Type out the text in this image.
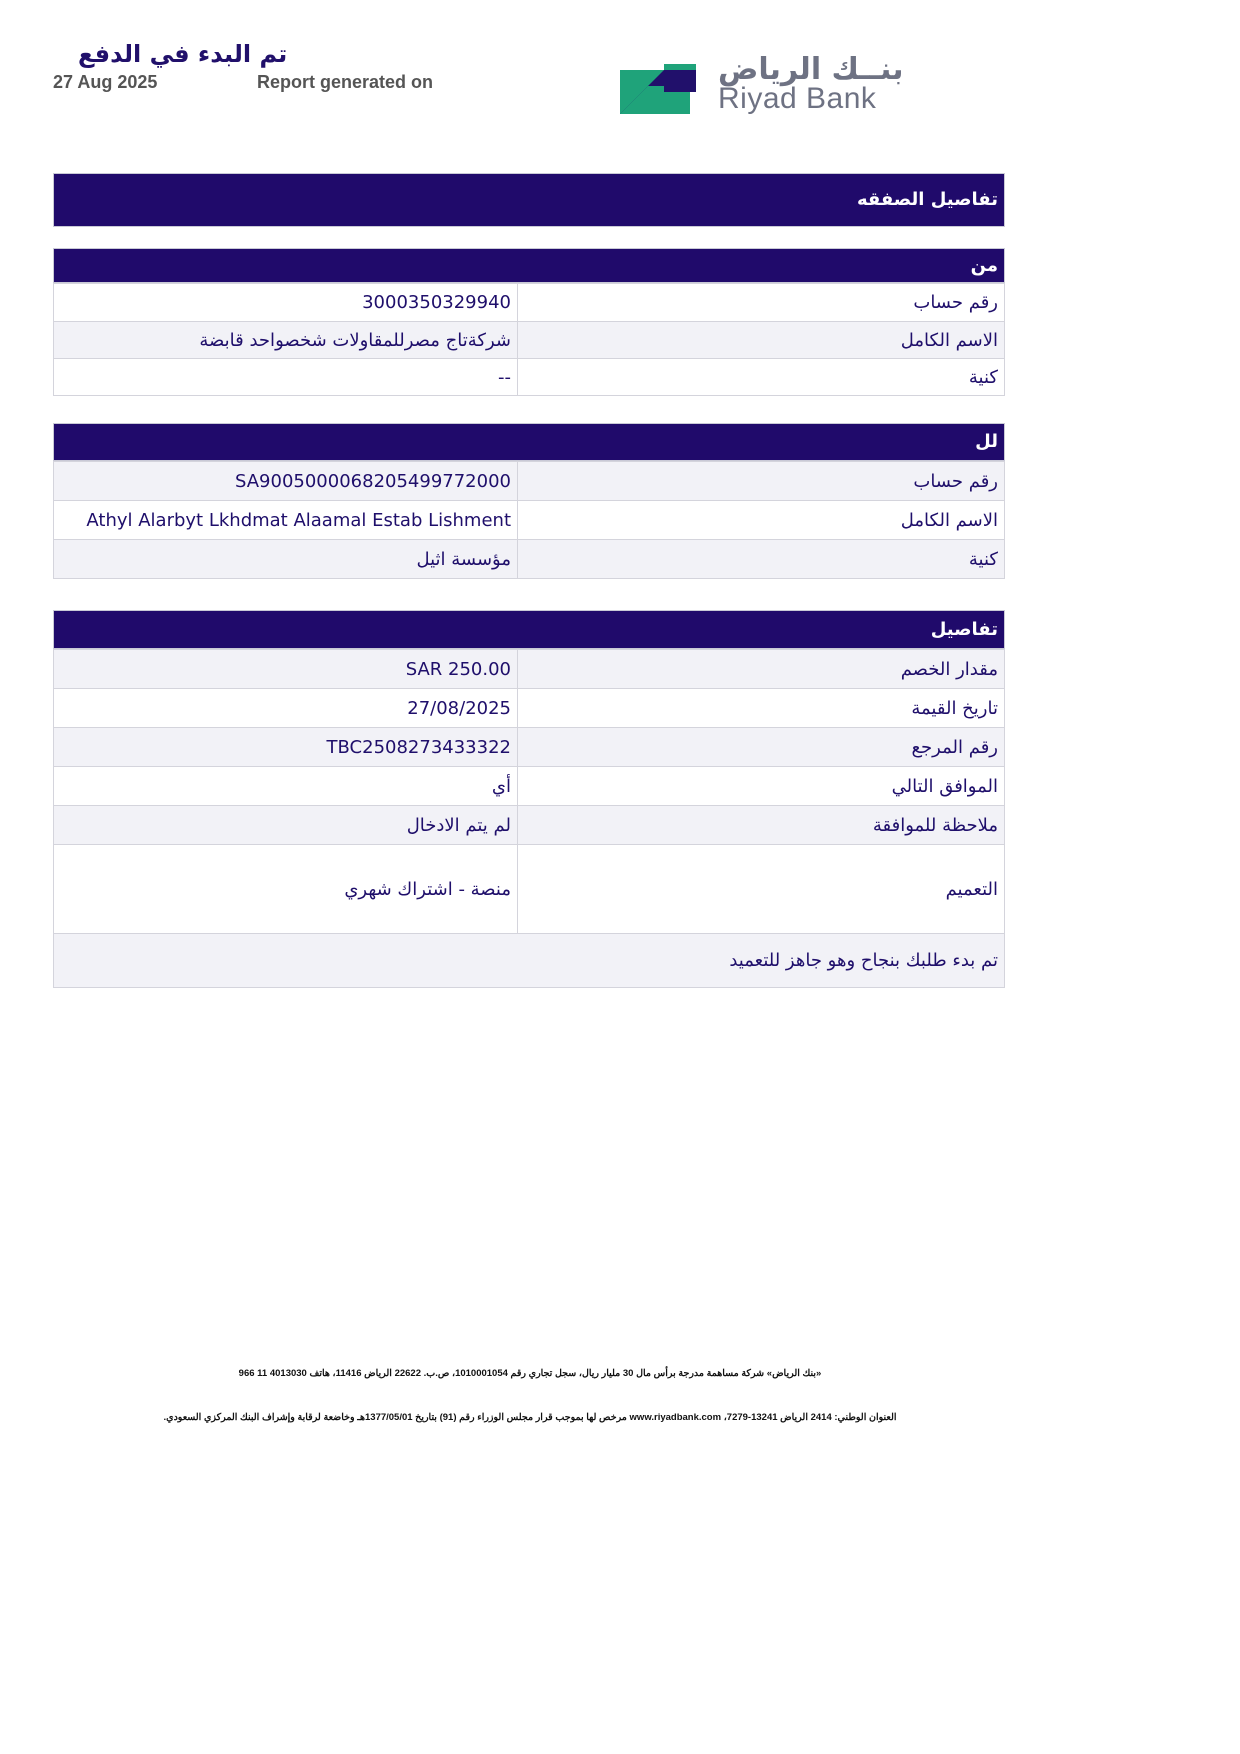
تم البدء في الدفع
27 Aug 2025	Report generated on	بنــك الرياض
Riyad Bank
تفاصيل الصفقه
من
3000350329940	رقم حساب
شركةتاج مصرللمقاولات شخصواحد قابضة	الاسم الكامل
--	كنية
لل
SA9005000068205499772000	رقم حساب
Athyl Alarbyt Lkhdmat Alaamal Estab Lishment	الاسم الكامل
مؤسسة اثيل	كنية
تفاصيل
SAR 250.00	مقدار الخصم
27/08/2025	تاريخ القيمة
TBC2508273433322	رقم المرجع
أي	الموافق التالي
لم يتم الادخال	ملاحظة للموافقة
منصة - اشتراك شهري	التعميم
تم بدء طلبك بنجاح وهو جاهز للتعميد	
«بنك الرياض» شركة مساهمة مدرجة برأس مال 30 مليار ريال، سجل تجاري رقم 1010001054، ص.ب. 22622 الرياض 11416، هاتف 4013030 11 966
العنوان الوطني: 2414 الرياض 13241-7279، www.riyadbank.com مرخص لها بموجب قرار مجلس الوزراء رقم (91) بتاريخ 1377/05/01هـ وخاضعة لرقابة وإشراف البنك المركزي السعودي.
